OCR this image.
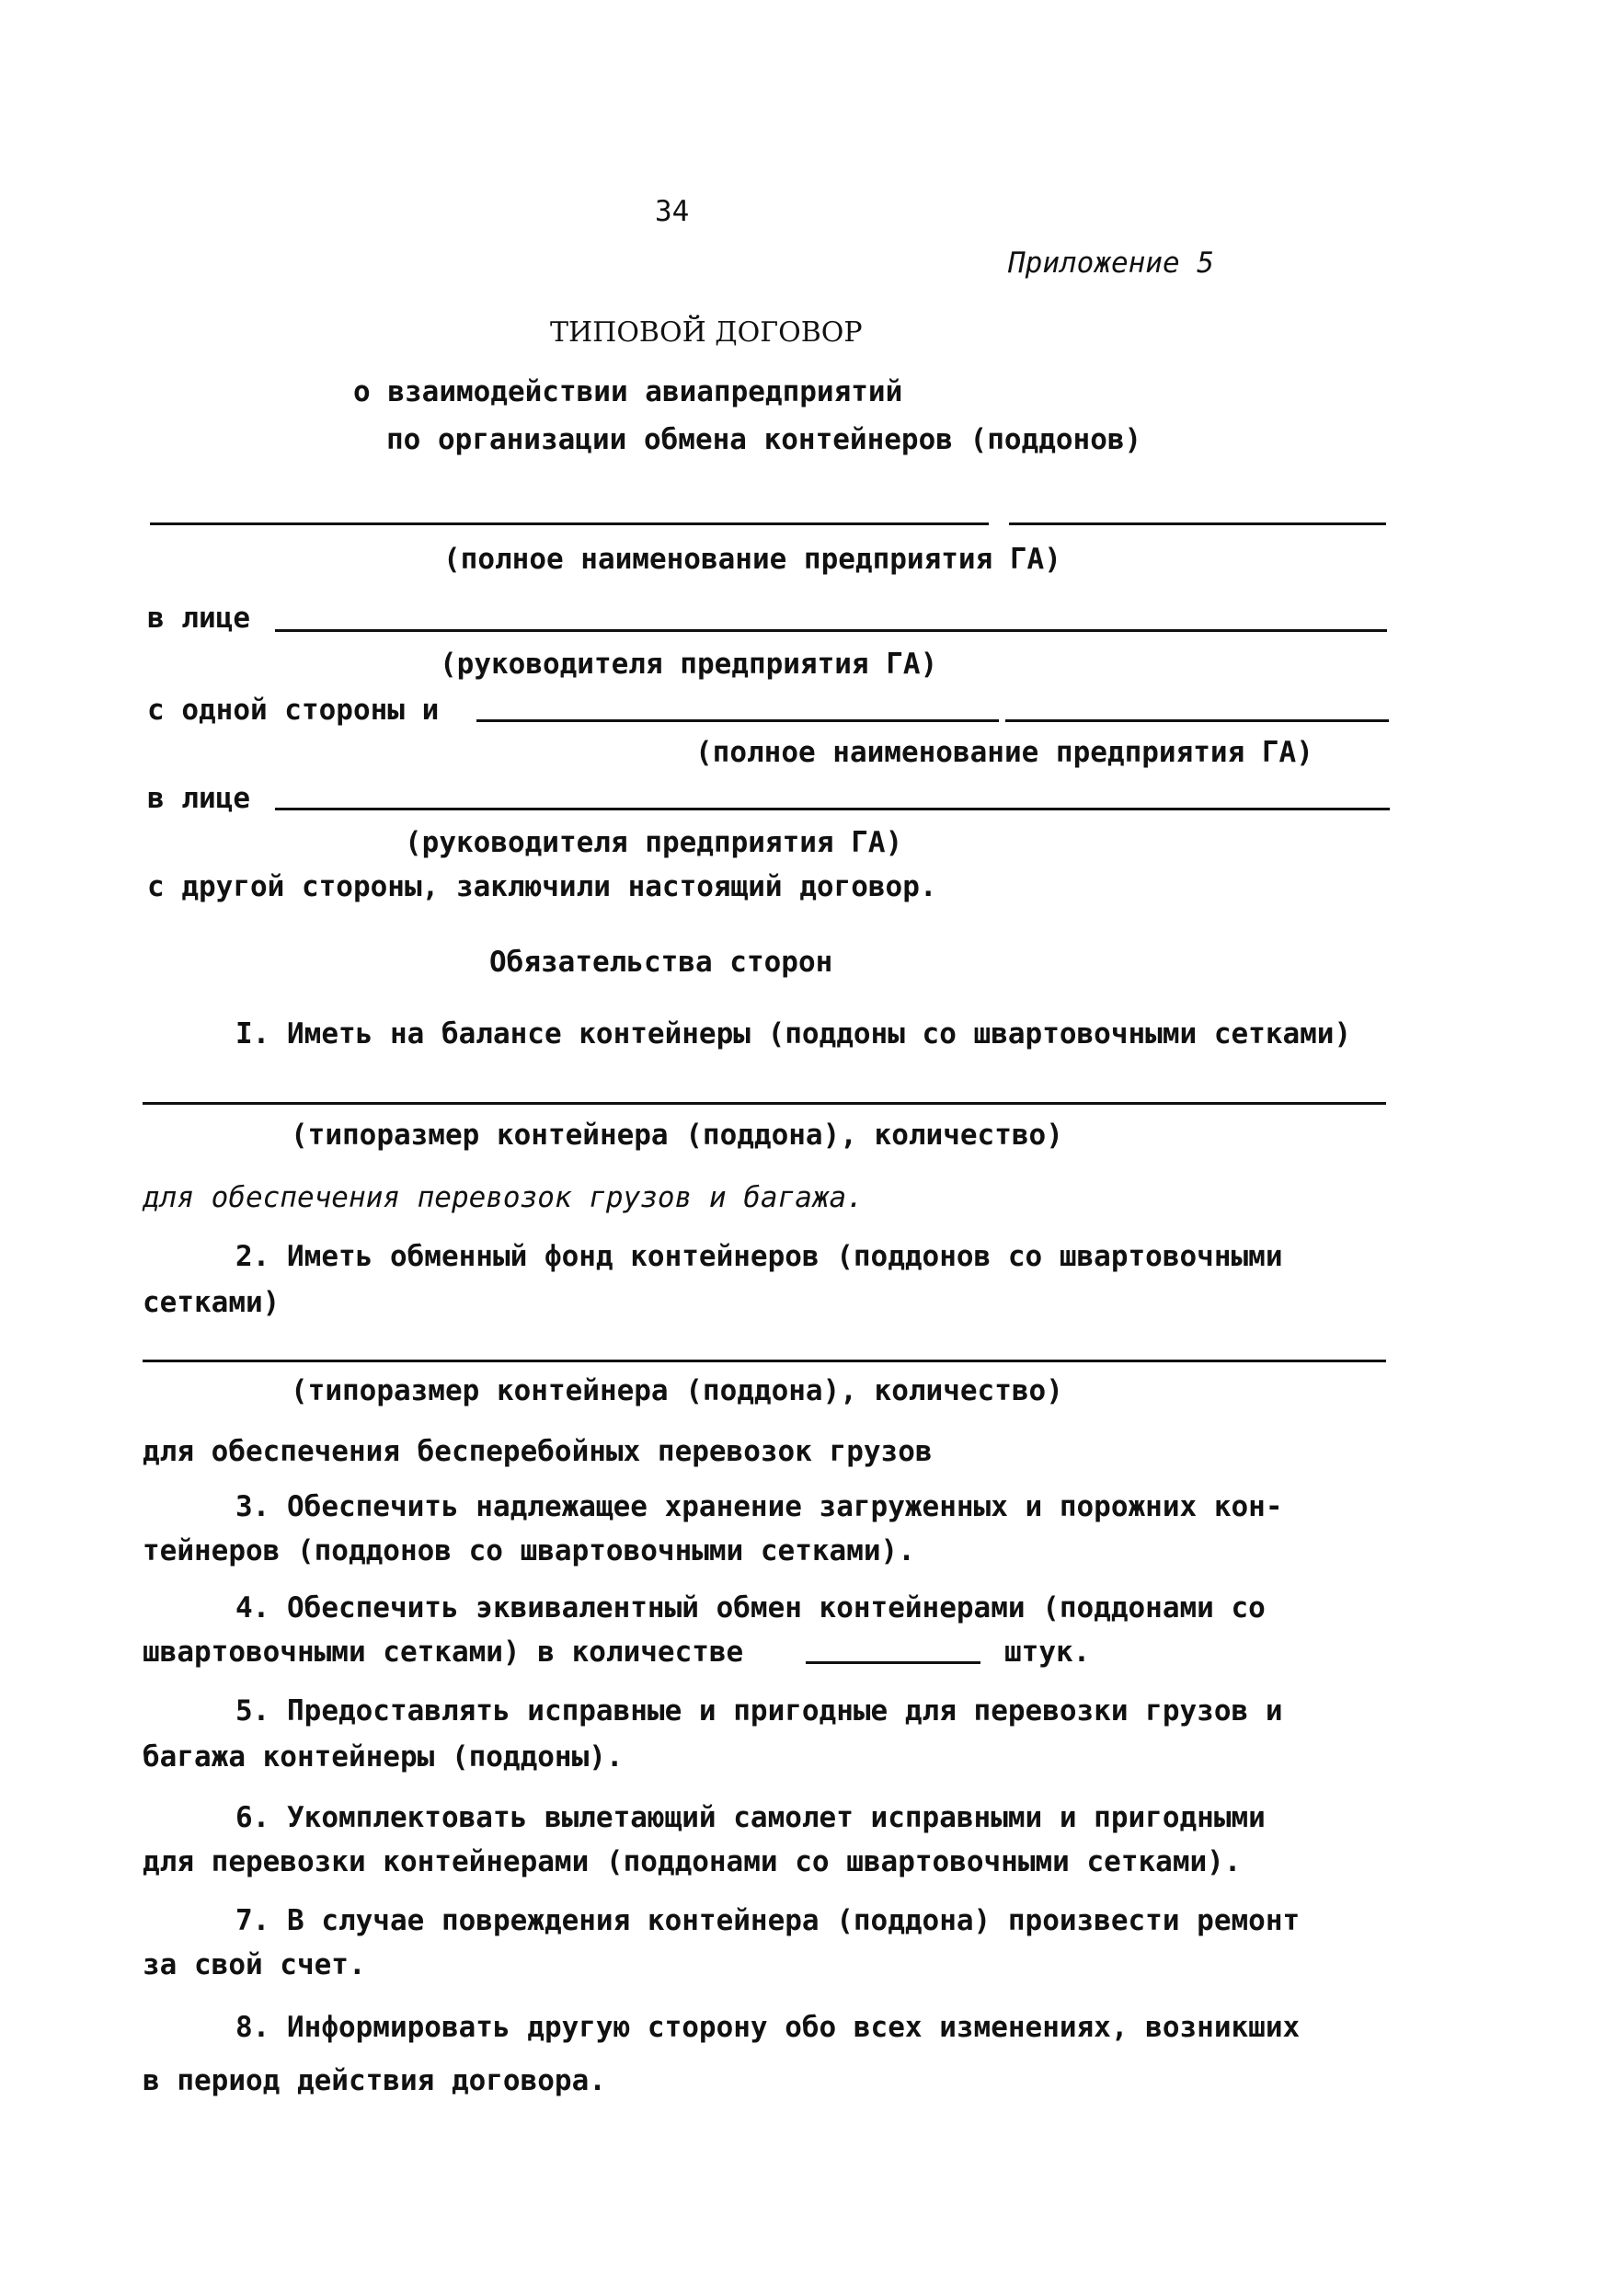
34
Приложение 5
ТИПОВОЙ ДОГОВОР
о взаимодействии авиапредприятий
по организации обмена контейнеров (поддонов)
(полное наименование предприятия ГА)
в лице
(руководителя предприятия ГА)
с одной стороны и
(полное наименование предприятия ГА)
в лице
(руководителя предприятия ГА)
с другой стороны, заключили настоящий договор.
Обязательства сторон
I. Иметь на балансе контейнеры (поддоны со швартовочными сетками)
(типоразмер контейнера (поддона), количество)
для обеспечения перевозок грузов и багажа.
2. Иметь обменный фонд контейнеров (поддонов со швартовочными
сетками)
(типоразмер контейнера (поддона), количество)
для обеспечения бесперебойных перевозок грузов
3. Обеспечить надлежащее хранение загруженных и порожних кон-
тейнеров (поддонов со швартовочными сетками).
4. Обеспечить эквивалентный обмен контейнерами (поддонами со
швартовочными сетками) в количестве	штук.
5. Предоставлять исправные и пригодные для перевозки грузов и
багажа контейнеры (поддоны).
6. Укомплектовать вылетающий самолет исправными и пригодными
для перевозки контейнерами (поддонами со швартовочными сетками).
7. В случае повреждения контейнера (поддона) произвести ремонт
за свой счет.
8. Информировать другую сторону обо всех изменениях, возникших
в период действия договора.
